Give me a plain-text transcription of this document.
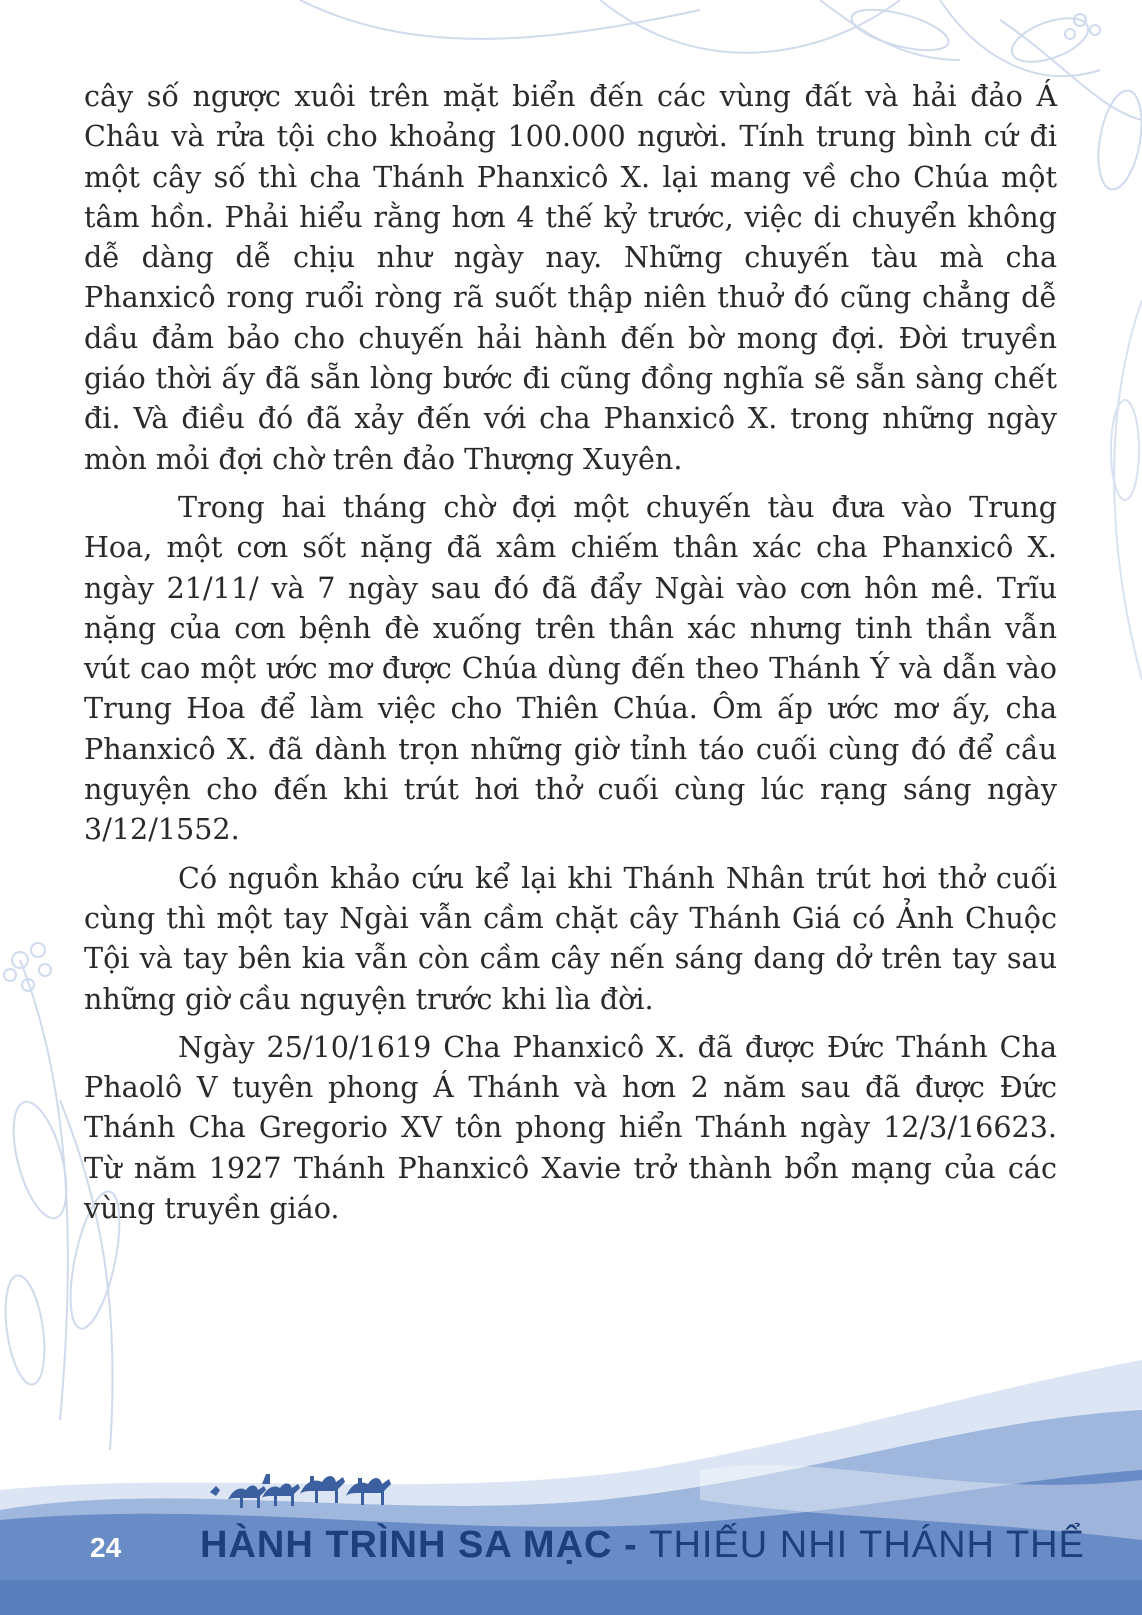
cây số ngược xuôi trên mặt biển đến các vùng đất và hải đảo Á Châu và rửa tội cho khoảng 100.000 người. Tính trung bình cứ đi một cây số thì cha Thánh Phanxicô X. lại mang về cho Chúa một tâm hồn. Phải hiểu rằng hơn 4 thế kỷ trước, việc di chuyển không dễ dàng dễ chịu như ngày nay. Những chuyến tàu mà cha Phanxicô rong ruổi ròng rã suốt thập niên thuở đó cũng chẳng dễ dầu đảm bảo cho chuyến hải hành đến bờ mong đợi. Đời truyền giáo thời ấy đã sẵn lòng bước đi cũng đồng nghĩa sẽ sẵn sàng chết đi. Và điều đó đã xảy đến với cha Phanxicô X. trong những ngày mòn mỏi đợi chờ trên đảo Thượng Xuyên.

Trong hai tháng chờ đợi một chuyến tàu đưa vào Trung Hoa, một cơn sốt nặng đã xâm chiếm thân xác cha Phanxicô X. ngày 21/11/ và 7 ngày sau đó đã đẩy Ngài vào cơn hôn mê. Trĩu nặng của cơn bệnh đè xuống trên thân xác nhưng tinh thần vẫn vút cao một ước mơ được Chúa dùng đến theo Thánh Ý và dẫn vào Trung Hoa để làm việc cho Thiên Chúa. Ôm ấp ước mơ ấy, cha Phanxicô X. đã dành trọn những giờ tỉnh táo cuối cùng đó để cầu nguyện cho đến khi trút hơi thở cuối cùng lúc rạng sáng ngày 3/12/1552.

Có nguồn khảo cứu kể lại khi Thánh Nhân trút hơi thở cuối cùng thì một tay Ngài vẫn cầm chặt cây Thánh Giá có Ảnh Chuộc Tội và tay bên kia vẫn còn cầm cây nến sáng dang dở trên tay sau những giờ cầu nguyện trước khi lìa đời.

Ngày 25/10/1619 Cha Phanxicô X. đã được Đức Thánh Cha Phaolô V tuyên phong Á Thánh và hơn 2 năm sau đã được Đức Thánh Cha Gregorio XV tôn phong hiển Thánh ngày 12/3/16623. Từ năm 1927 Thánh Phanxicô Xavie trở thành bổn mạng của các vùng truyền giáo.

24 HÀNH TRÌNH SA MẠC - THIẾU NHI THÁNH THỂ
